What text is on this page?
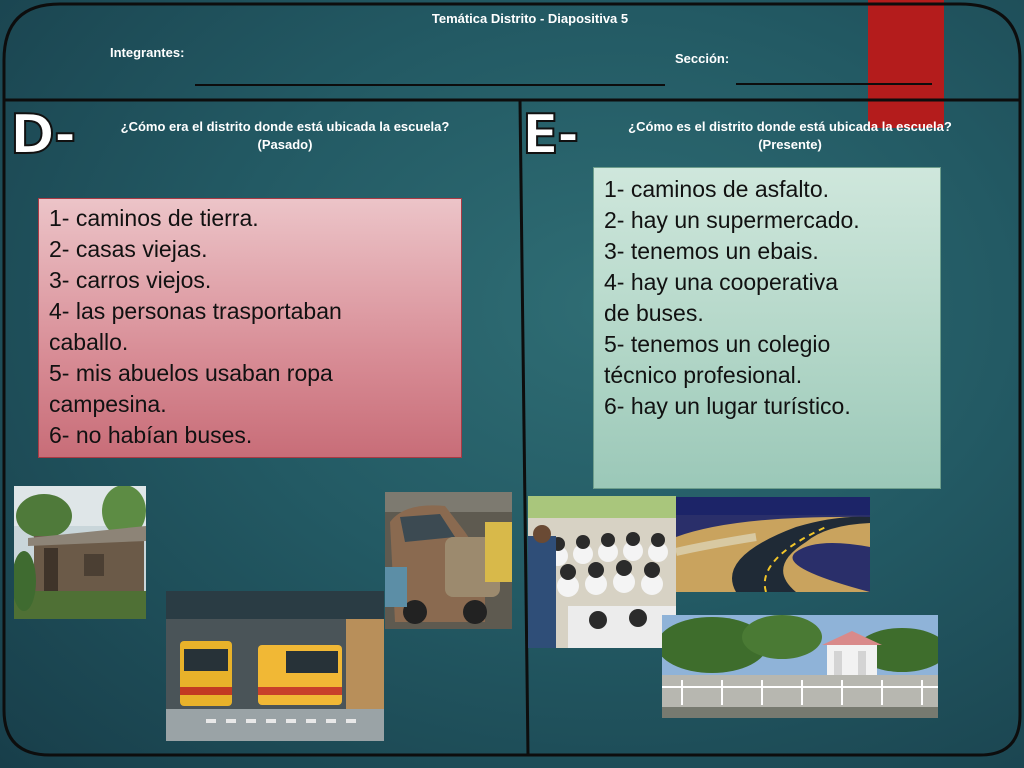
Temática Distrito - Diapositiva 5
Integrantes:	Sección:
D-	¿Cómo era el distrito donde está ubicada la escuela?
(Pasado)
1- caminos de tierra.
2- casas viejas.
3- carros viejos.
4- las personas trasportaban
caballo.
5- mis abuelos usaban ropa
campesina.
6- no habían buses.
E-	¿Cómo es el distrito donde está ubicada la escuela?
(Presente)
1- caminos de asfalto.
2- hay un supermercado.
3- tenemos un ebais.
4- hay una cooperativa
de buses.
5- tenemos un colegio
técnico profesional.
6- hay un lugar turístico.
